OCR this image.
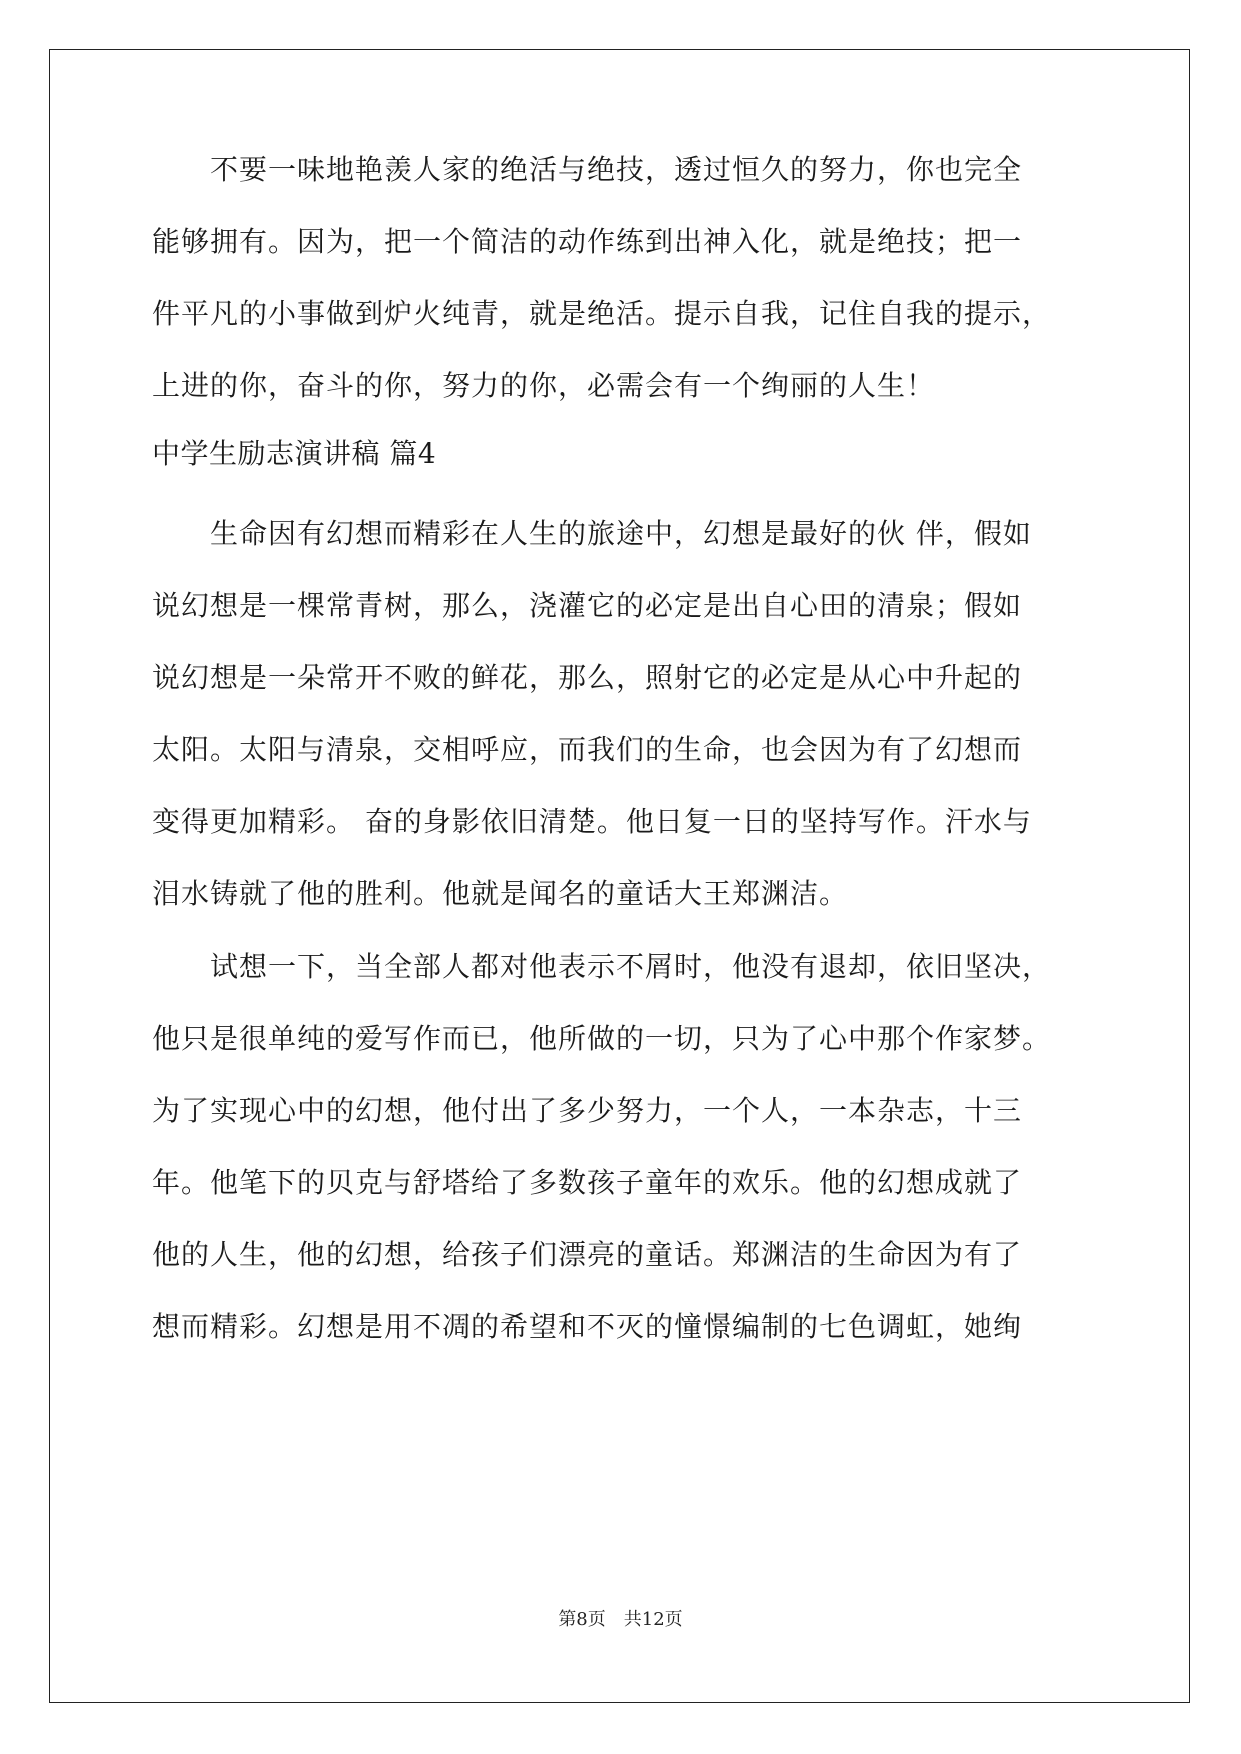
　　不要一味地艳羡人家的绝活与绝技，透过恒久的努力，你也完全
能够拥有。因为，把一个简洁的动作练到出神入化，就是绝技；把一
件平凡的小事做到炉火纯青，就是绝活。提示自我，记住自我的提示，
上进的你，奋斗的你，努力的你，必需会有一个绚丽的人生！
中学生励志演讲稿 篇4
　　生命因有幻想而精彩在人生的旅途中，幻想是最好的伙 伴，假如
说幻想是一棵常青树，那么，浇灌它的必定是出自心田的清泉；假如
说幻想是一朵常开不败的鲜花，那么，照射它的必定是从心中升起的
太阳。太阳与清泉，交相呼应，而我们的生命，也会因为有了幻想而
变得更加精彩。 奋的身影依旧清楚。他日复一日的坚持写作。汗水与
泪水铸就了他的胜利。他就是闻名的童话大王郑渊洁。
　　试想一下，当全部人都对他表示不屑时，他没有退却，依旧坚决，
他只是很单纯的爱写作而已，他所做的一切，只为了心中那个作家梦。
为了实现心中的幻想，他付出了多少努力，一个人，一本杂志，十三
年。他笔下的贝克与舒塔给了多数孩子童年的欢乐。他的幻想成就了
他的人生，他的幻想，给孩子们漂亮的童话。郑渊洁的生命因为有了
想而精彩。幻想是用不凋的希望和不灭的憧憬编制的七色调虹，她绚
第8页　共12页
